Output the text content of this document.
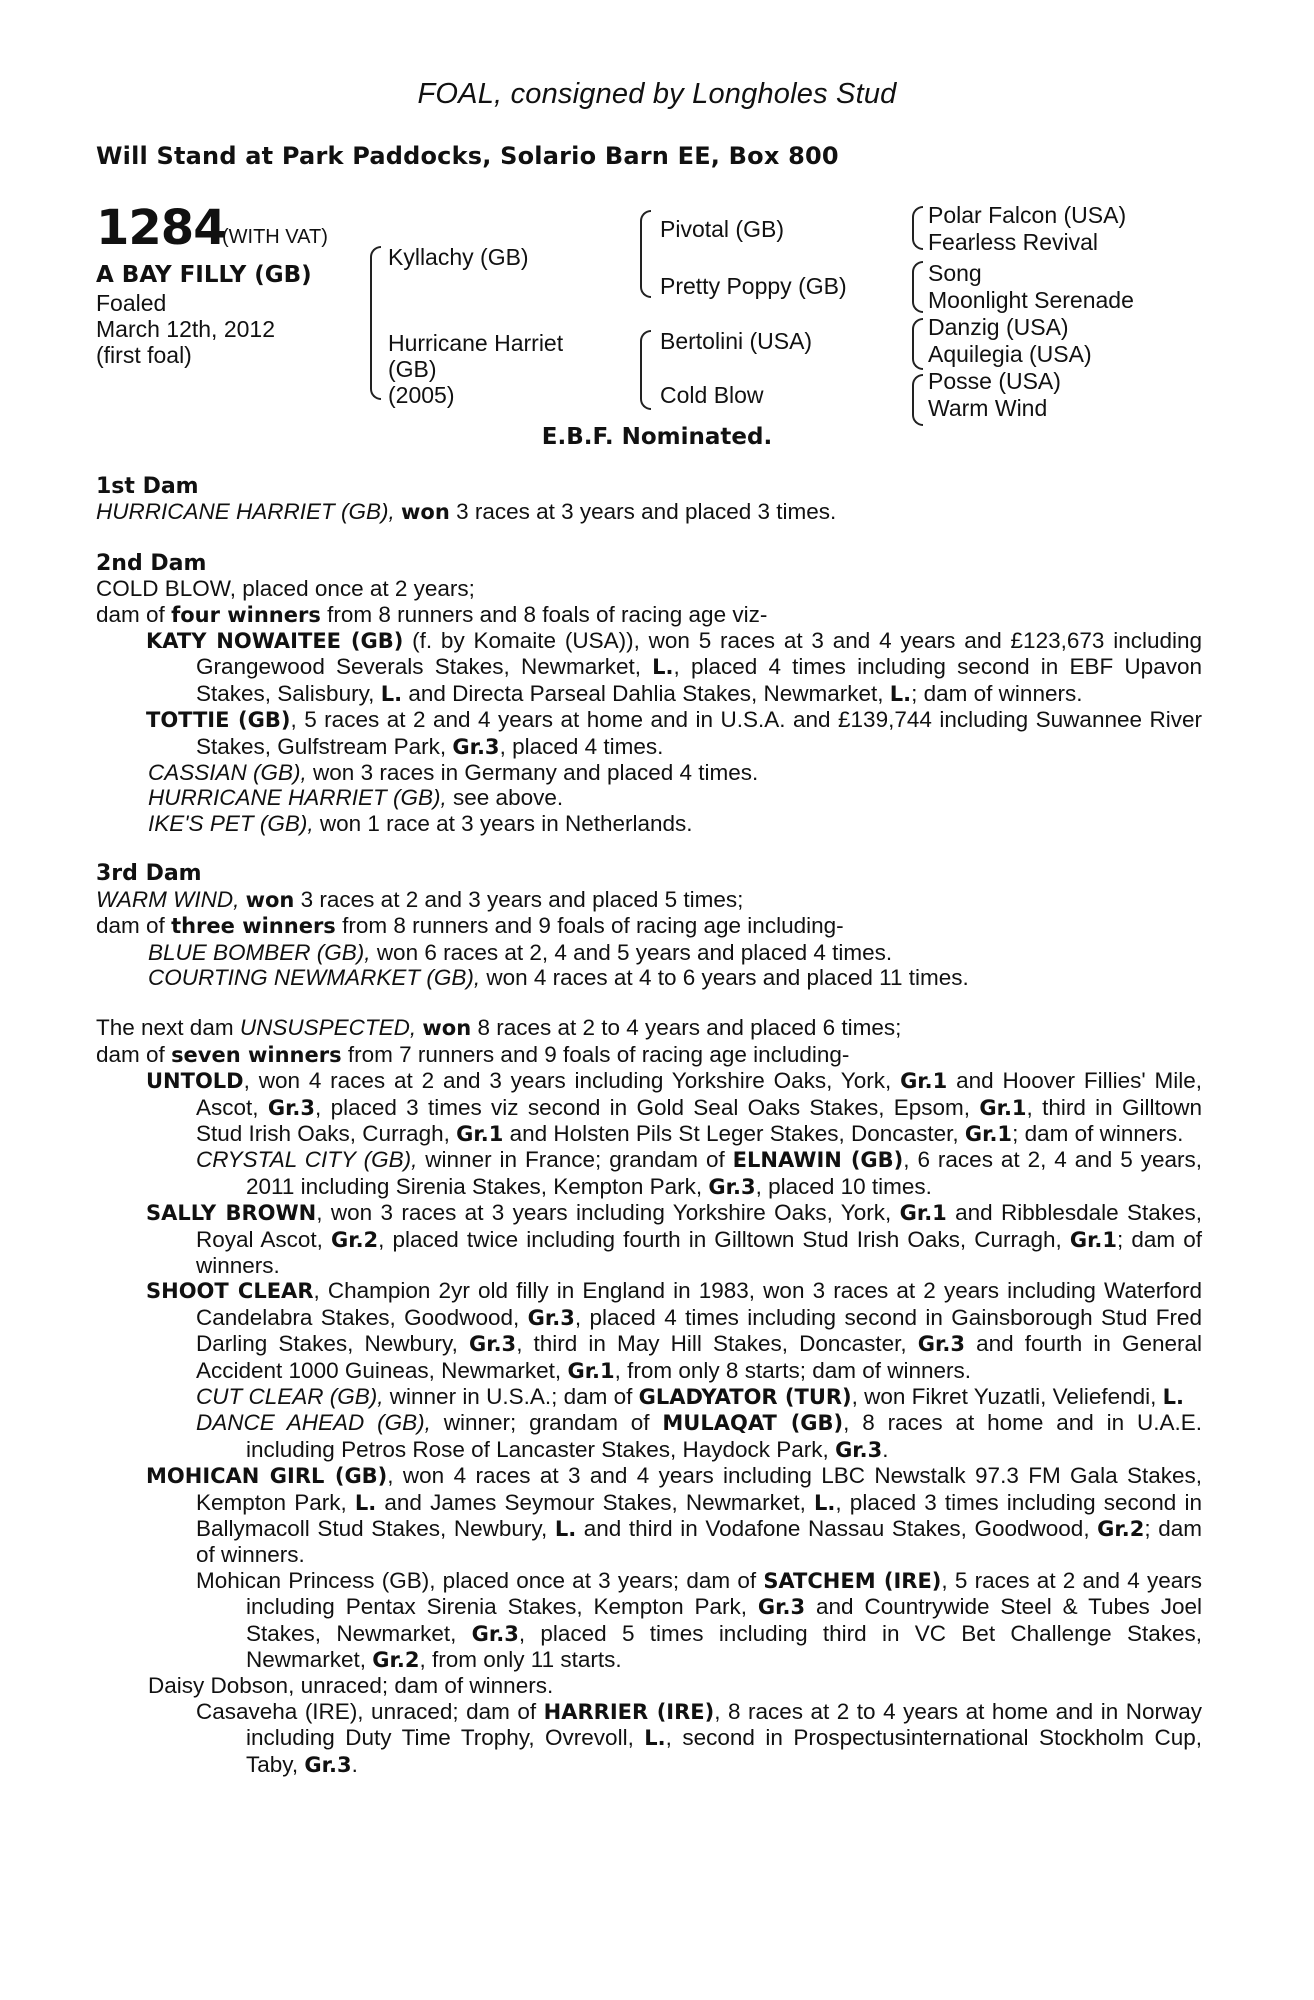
FOAL, consigned by Longholes Stud
Will Stand at Park Paddocks, Solario Barn EE, Box 800
1284
(WITH VAT)
A BAY FILLY (GB)
Foaled
March 12th, 2012
(first foal)
Kyllachy (GB)
Hurricane Harriet
(GB)
(2005)
Pivotal (GB)
Pretty Poppy (GB)
Bertolini (USA)
Cold Blow
Polar Falcon (USA)
Fearless Revival
Song
Moonlight Serenade
Danzig (USA)
Aquilegia (USA)
Posse (USA)
Warm Wind
E.B.F. Nominated.
1st Dam

HURRICANE HARRIET (GB), won 3 races at 3 years and placed 3 times.

2nd Dam

COLD BLOW, placed once at 2 years;

dam of four winners from 8 runners and 8 foals of racing age viz-

KATY NOWAITEE (GB) (f. by Komaite (USA)), won 5 races at 3 and 4 years and £123,673 including Grangewood Severals Stakes, Newmarket, L., placed 4 times including second in EBF Upavon Stakes, Salisbury, L. and Directa Parseal Dahlia Stakes, Newmarket, L.; dam of winners.

TOTTIE (GB), 5 races at 2 and 4 years at home and in U.S.A. and £139,744 including Suwannee River Stakes, Gulfstream Park, Gr.3, placed 4 times.

CASSIAN (GB), won 3 races in Germany and placed 4 times.

HURRICANE HARRIET (GB), see above.

IKE'S PET (GB), won 1 race at 3 years in Netherlands.

3rd Dam

WARM WIND, won 3 races at 2 and 3 years and placed 5 times;

dam of three winners from 8 runners and 9 foals of racing age including-

BLUE BOMBER (GB), won 6 races at 2, 4 and 5 years and placed 4 times.

COURTING NEWMARKET (GB), won 4 races at 4 to 6 years and placed 11 times.

The next dam UNSUSPECTED, won 8 races at 2 to 4 years and placed 6 times;

dam of seven winners from 7 runners and 9 foals of racing age including-

UNTOLD, won 4 races at 2 and 3 years including Yorkshire Oaks, York, Gr.1 and Hoover Fillies' Mile, Ascot, Gr.3, placed 3 times viz second in Gold Seal Oaks Stakes, Epsom, Gr.1, third in Gilltown Stud Irish Oaks, Curragh, Gr.1 and Holsten Pils St Leger Stakes, Doncaster, Gr.1; dam of winners.

CRYSTAL CITY (GB), winner in France; grandam of ELNAWIN (GB), 6 races at 2, 4 and 5 years, 2011 including Sirenia Stakes, Kempton Park, Gr.3, placed 10 times.

SALLY BROWN, won 3 races at 3 years including Yorkshire Oaks, York, Gr.1 and Ribblesdale Stakes, Royal Ascot, Gr.2, placed twice including fourth in Gilltown Stud Irish Oaks, Curragh, Gr.1; dam of winners.

SHOOT CLEAR, Champion 2yr old filly in England in 1983, won 3 races at 2 years including Waterford Candelabra Stakes, Goodwood, Gr.3, placed 4 times including second in Gainsborough Stud Fred Darling Stakes, Newbury, Gr.3, third in May Hill Stakes, Doncaster, Gr.3 and fourth in General Accident 1000 Guineas, Newmarket, Gr.1, from only 8 starts; dam of winners.

CUT CLEAR (GB), winner in U.S.A.; dam of GLADYATOR (TUR), won Fikret Yuzatli, Veliefendi, L.

DANCE AHEAD (GB), winner; grandam of MULAQAT (GB), 8 races at home and in U.A.E. including Petros Rose of Lancaster Stakes, Haydock Park, Gr.3.

MOHICAN GIRL (GB), won 4 races at 3 and 4 years including LBC Newstalk 97.3 FM Gala Stakes, Kempton Park, L. and James Seymour Stakes, Newmarket, L., placed 3 times including second in Ballymacoll Stud Stakes, Newbury, L. and third in Vodafone Nassau Stakes, Goodwood, Gr.2; dam of winners.

Mohican Princess (GB), placed once at 3 years; dam of SATCHEM (IRE), 5 races at 2 and 4 years including Pentax Sirenia Stakes, Kempton Park, Gr.3 and Countrywide Steel & Tubes Joel Stakes, Newmarket, Gr.3, placed 5 times including third in VC Bet Challenge Stakes, Newmarket, Gr.2, from only 11 starts.

Daisy Dobson, unraced; dam of winners.

Casaveha (IRE), unraced; dam of HARRIER (IRE), 8 races at 2 to 4 years at home and in Norway including Duty Time Trophy, Ovrevoll, L., second in Prospectusinternational Stockholm Cup, Taby, Gr.3.
